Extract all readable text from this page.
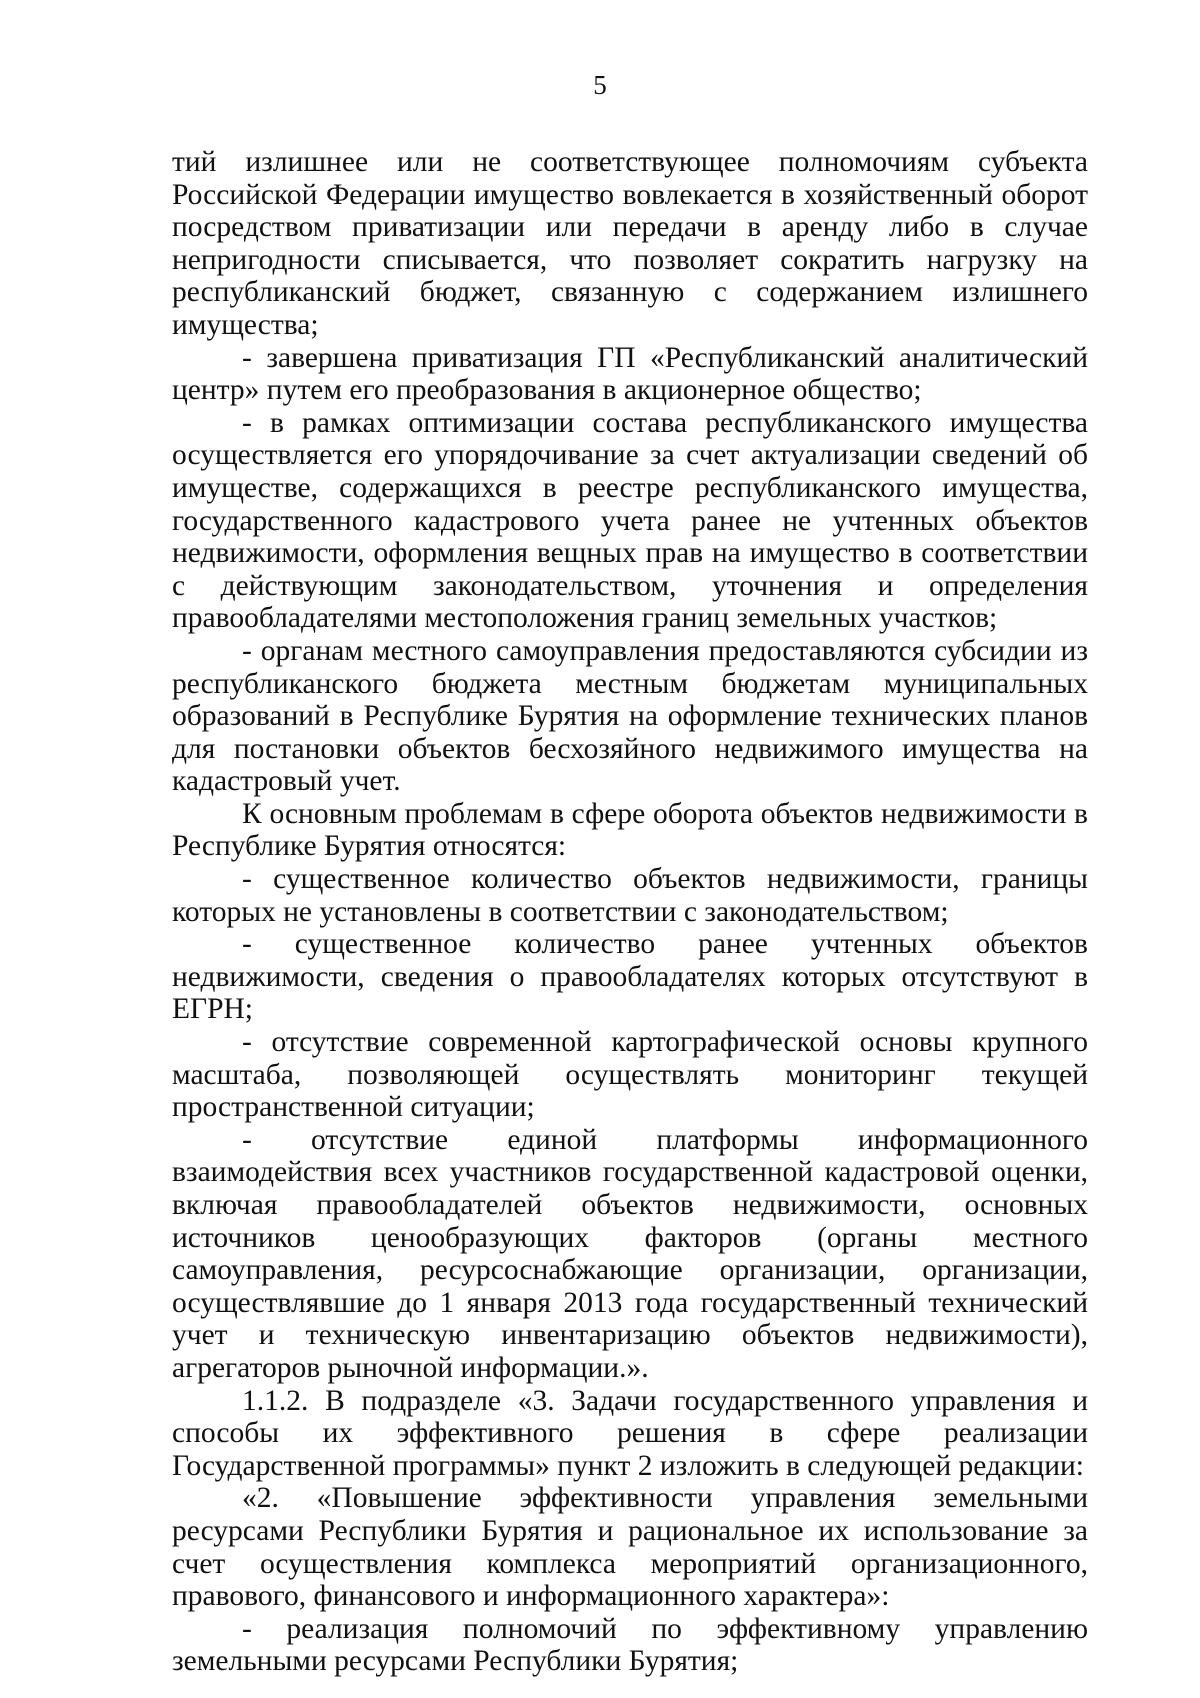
5

тий излишнее или не соответствующее полномочиям субъекта Российской Федерации имущество вовлекается в хозяйственный оборот посредством приватизации или передачи в аренду либо в случае непригодности списывается, что позволяет сократить нагрузку на республиканский бюджет, связанную с содержанием излишнего имущества;

- завершена приватизация ГП «Республиканский аналитический центр» путем его преобразования в акционерное общество;

- в рамках оптимизации состава республиканского имущества осуществляется его упорядочивание за счет актуализации сведений об имуществе, содержащихся в реестре республиканского имущества, государственного кадастрового учета ранее не учтенных объектов недвижимости, оформления вещных прав на имущество в соответствии с действующим законодательством, уточнения и определения правообладателями местоположения границ земельных участков;

- органам местного самоуправления предоставляются субсидии из республиканского бюджета местным бюджетам муниципальных образований в Республике Бурятия на оформление технических планов для постановки объектов бесхозяйного недвижимого имущества на кадастровый учет.

К основным проблемам в сфере оборота объектов недвижимости в Республике Бурятия относятся:

- существенное количество объектов недвижимости, границы которых не установлены в соответствии с законодательством;

- существенное количество ранее учтенных объектов недвижимости, сведения о правообладателях которых отсутствуют в ЕГРН;

- отсутствие современной картографической основы крупного масштаба, позволяющей осуществлять мониторинг текущей пространственной ситуации;

- отсутствие единой платформы информационного взаимодействия всех участников государственной кадастровой оценки, включая правообладателей объектов недвижимости, основных источников ценообразующих факторов (органы местного самоуправления, ресурсоснабжающие организации, организации, осуществлявшие до 1 января 2013 года государственный технический учет и техническую инвентаризацию объектов недвижимости), агрегаторов рыночной информации.».

1.1.2. В подразделе «3. Задачи государственного управления и способы их эффективного решения в сфере реализации Государственной программы» пункт 2 изложить в следующей редакции:

«2. «Повышение эффективности управления земельными ресурсами Республики Бурятия и рациональное их использование за счет осуществления комплекса мероприятий организационного, правового, финансового и информационного характера»:

- реализация полномочий по эффективному управлению земельными ресурсами Республики Бурятия;
